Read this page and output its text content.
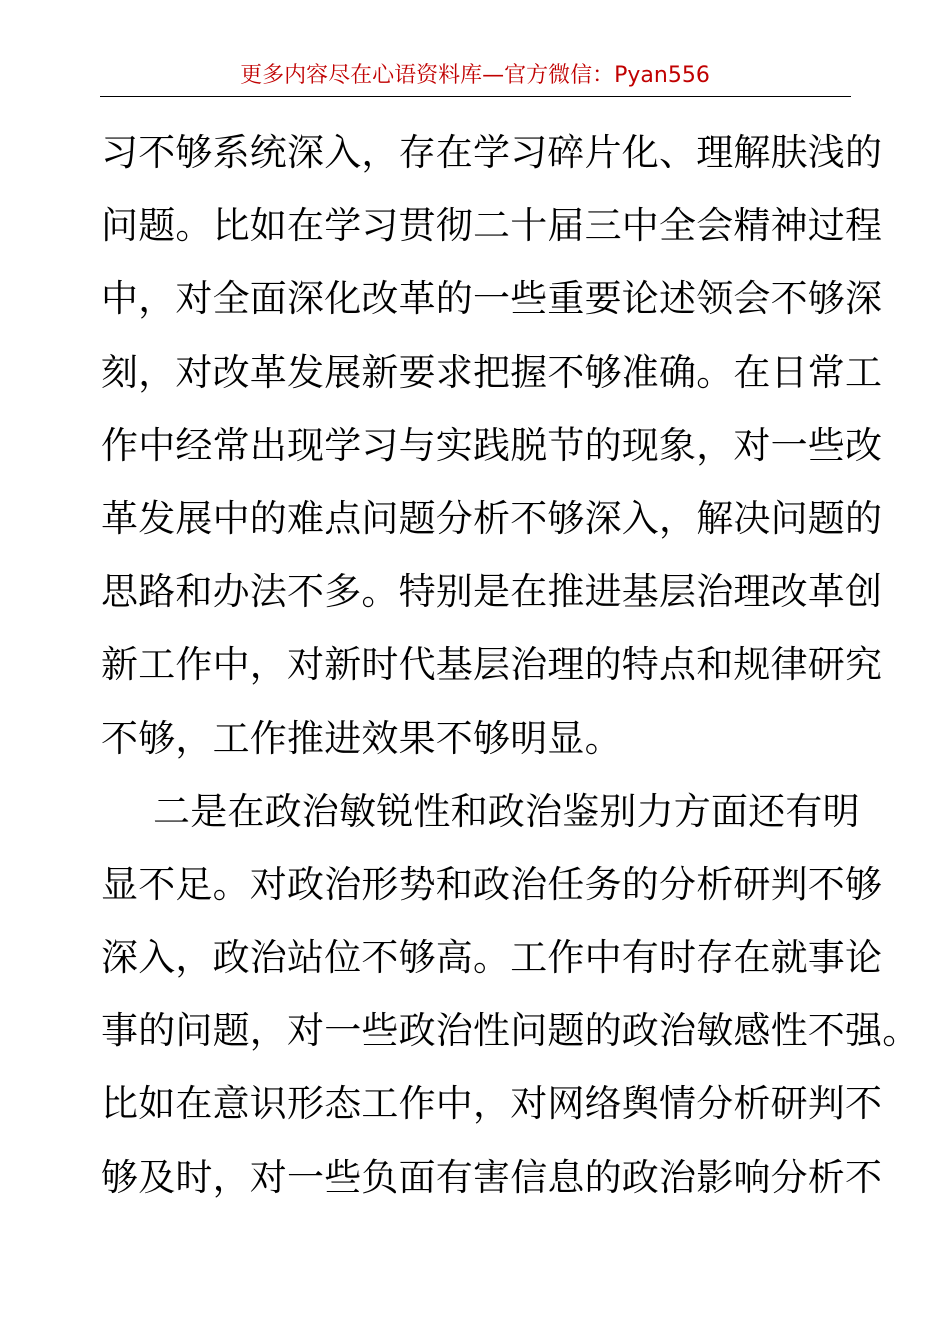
更多内容尽在心语资料库—官方微信：Pyan556
习不够系统深入，存在学习碎片化、理解肤浅的
问题。比如在学习贯彻二十届三中全会精神过程
中，对全面深化改革的一些重要论述领会不够深
刻，对改革发展新要求把握不够准确。在日常工
作中经常出现学习与实践脱节的现象，对一些改
革发展中的难点问题分析不够深入，解决问题的
思路和办法不多。特别是在推进基层治理改革创
新工作中，对新时代基层治理的特点和规律研究
不够，工作推进效果不够明显。
二是在政治敏锐性和政治鉴别力方面还有明
显不足。对政治形势和政治任务的分析研判不够
深入，政治站位不够高。工作中有时存在就事论
事的问题，对一些政治性问题的政治敏感性不强。
比如在意识形态工作中，对网络舆情分析研判不
够及时，对一些负面有害信息的政治影响分析不
